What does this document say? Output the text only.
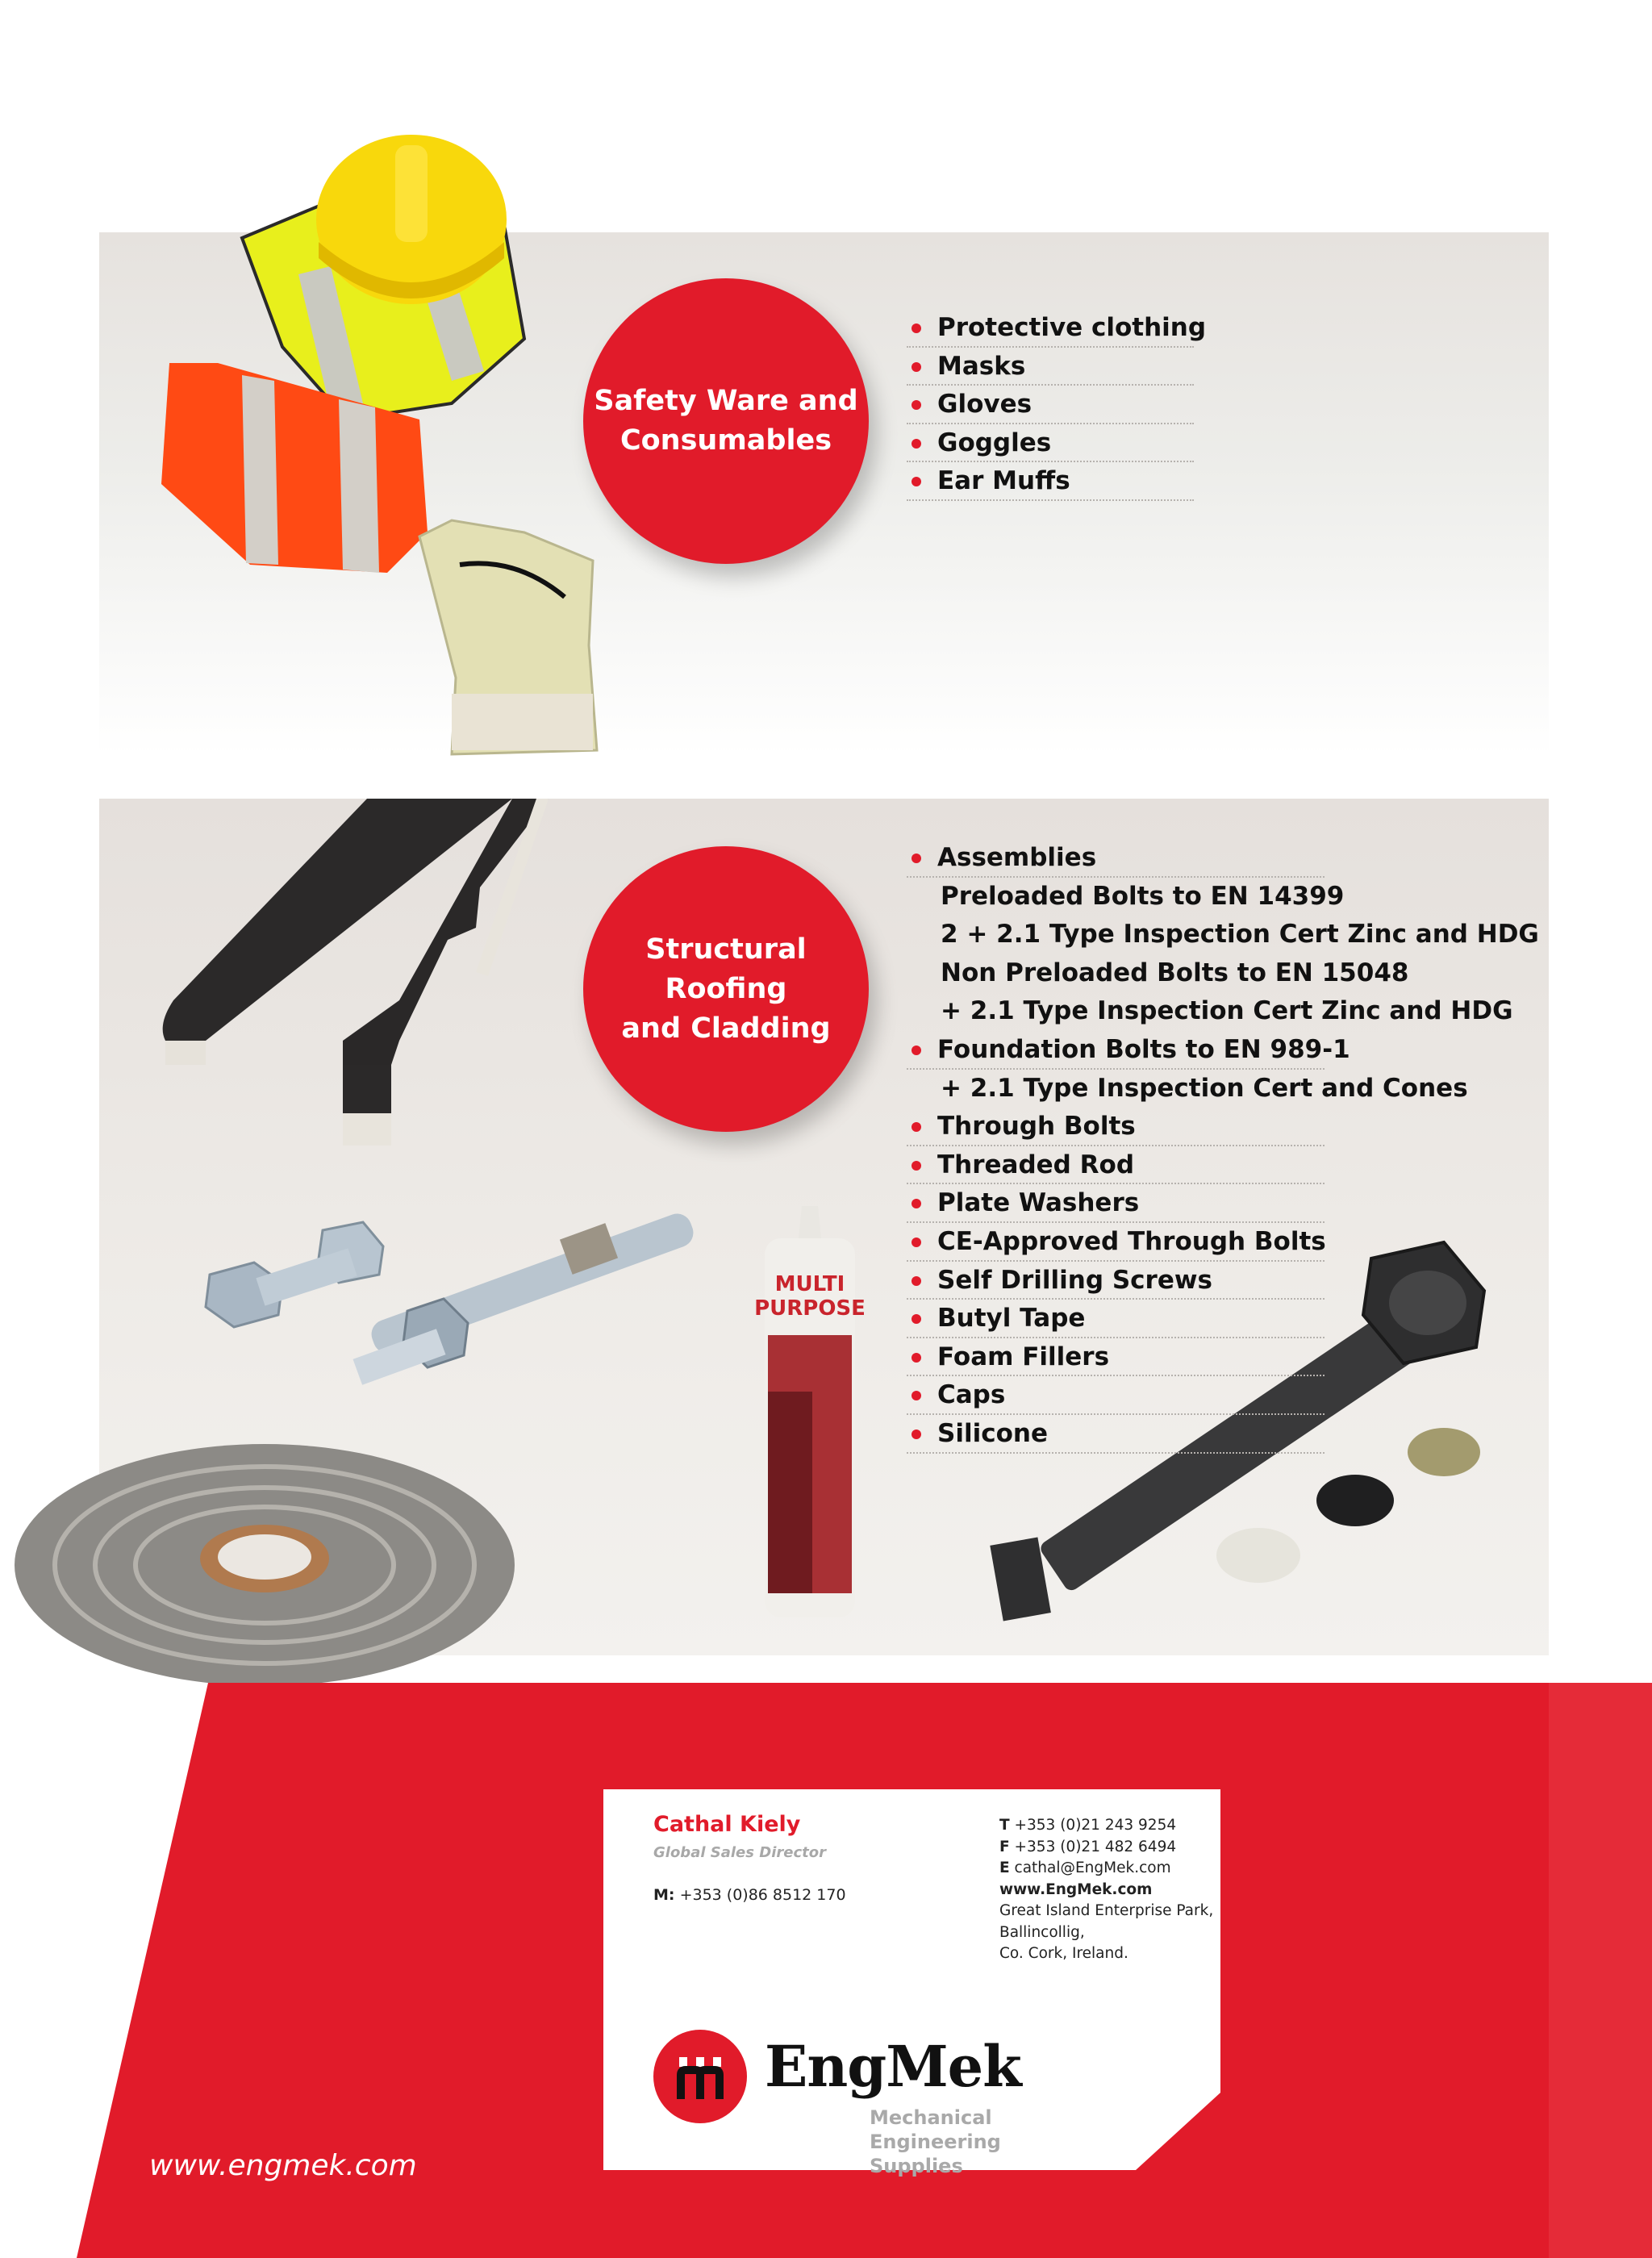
Safety Ware and
Consumables
Protective clothing
Masks
Gloves
Goggles
Ear Muffs
MULTI
PURPOSE
Structural Roofing
and Cladding
Assemblies
Preloaded Bolts to EN 14399
2 + 2.1 Type Inspection Cert Zinc and HDG
Non Preloaded Bolts to EN 15048
+ 2.1 Type Inspection Cert Zinc and HDG
Foundation Bolts to EN 989-1
+ 2.1 Type Inspection Cert and Cones
Through Bolts
Threaded Rod
Plate Washers
CE-Approved Through Bolts
Self Drilling Screws
Butyl Tape
Foam Fillers
Caps
Silicone
www.engmek.com
Cathal Kiely
Global Sales Director
M: +353 (0)86 8512 170
T +353 (0)21 243 9254
F +353 (0)21 482 6494
E cathal@EngMek.com
www.EngMek.com
Great Island Enterprise Park,
Ballincollig,
Co. Cork, Ireland.
EngMek
Mechanical Engineering Supplies
